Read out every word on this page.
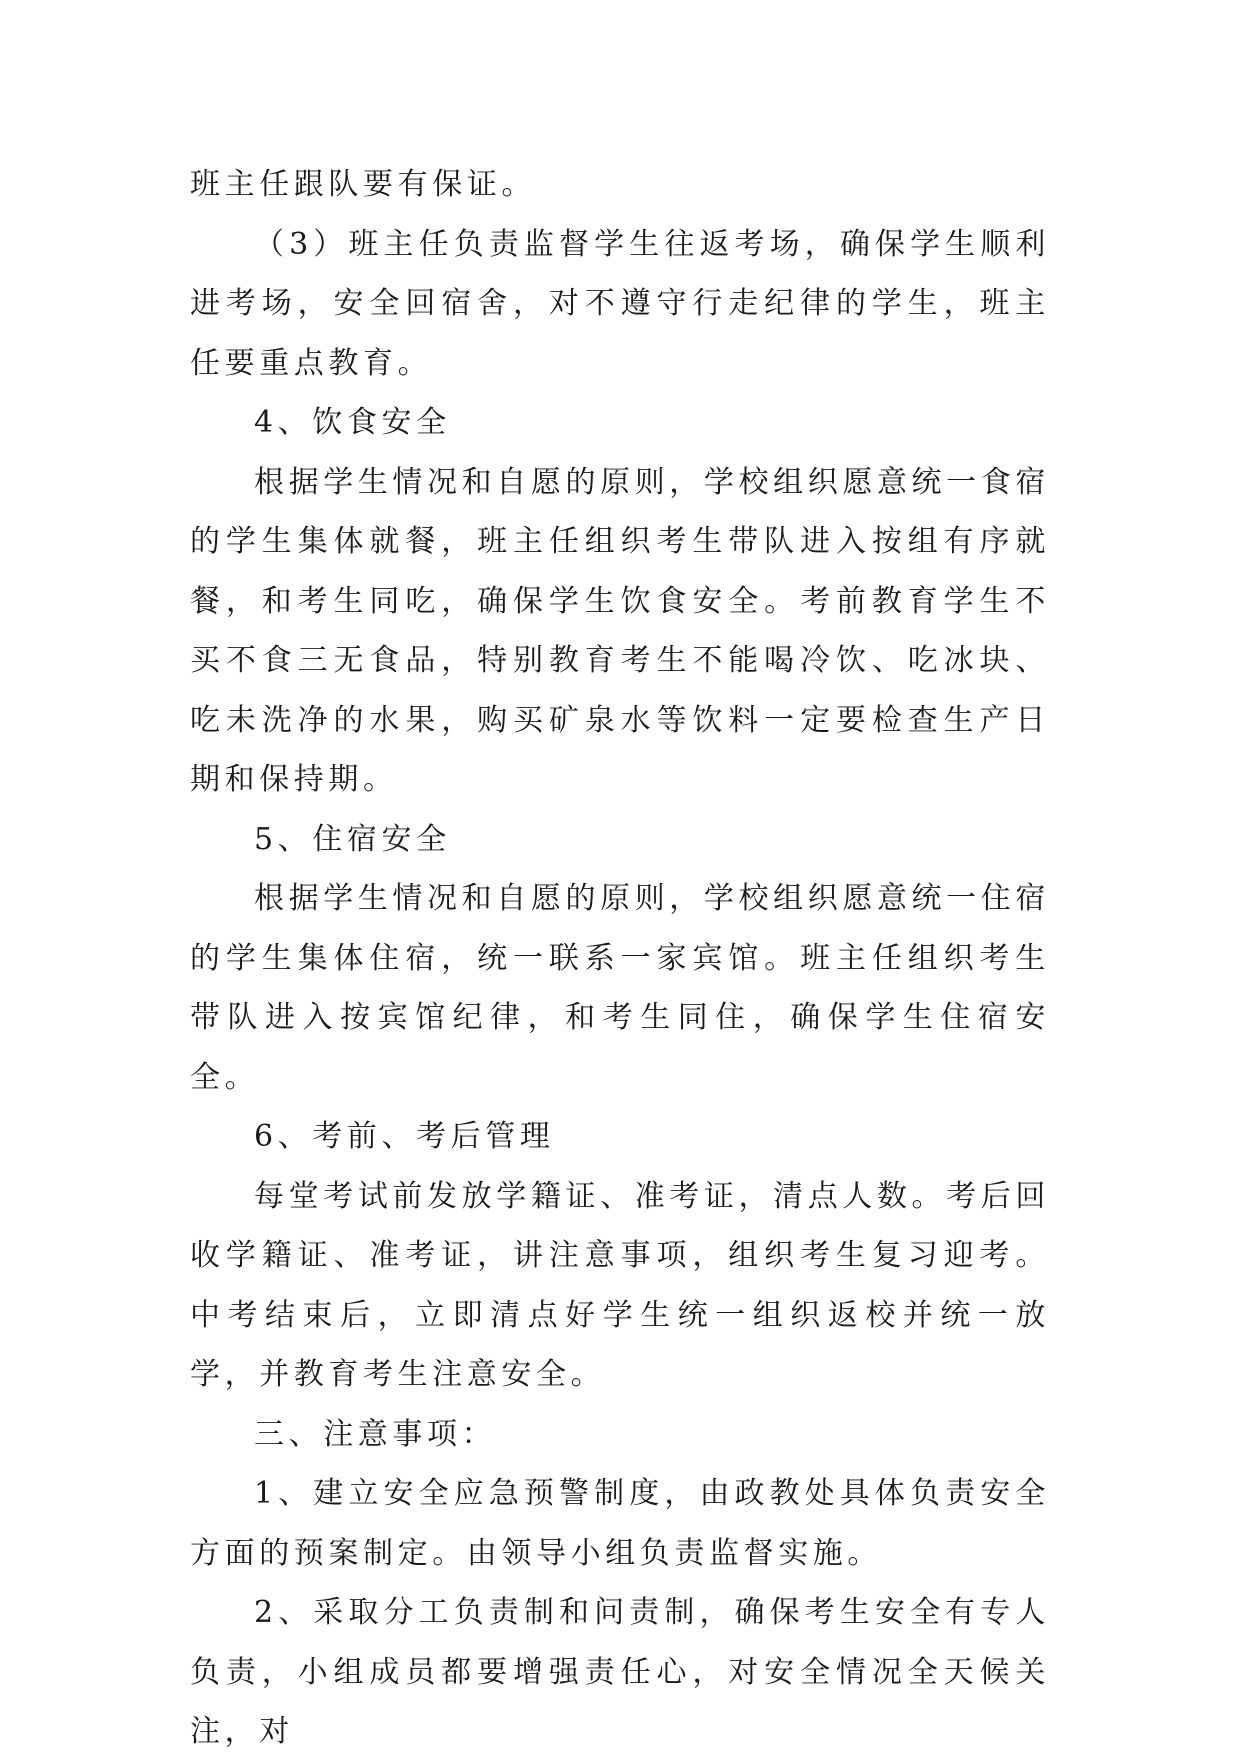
班主任跟队要有保证。

（3）班主任负责监督学生往返考场，确保学生顺利进考场，安全回宿舍，对不遵守行走纪律的学生，班主任要重点教育。

4、饮食安全

根据学生情况和自愿的原则，学校组织愿意统一食宿的学生集体就餐，班主任组织考生带队进入按组有序就餐，和考生同吃，确保学生饮食安全。考前教育学生不买不食三无食品，特别教育考生不能喝冷饮、吃冰块、吃未洗净的水果，购买矿泉水等饮料一定要检查生产日期和保持期。

5、住宿安全

根据学生情况和自愿的原则，学校组织愿意统一住宿的学生集体住宿，统一联系一家宾馆。班主任组织考生带队进入按宾馆纪律，和考生同住，确保学生住宿安全。

6、考前、考后管理

每堂考试前发放学籍证、准考证，清点人数。考后回收学籍证、准考证，讲注意事项，组织考生复习迎考。中考结束后，立即清点好学生统一组织返校并统一放学，并教育考生注意安全。

三、注意事项：

1、建立安全应急预警制度，由政教处具体负责安全方面的预案制定。由领导小组负责监督实施。

2、采取分工负责制和问责制，确保考生安全有专人负责，小组成员都要增强责任心，对安全情况全天候关注，对
